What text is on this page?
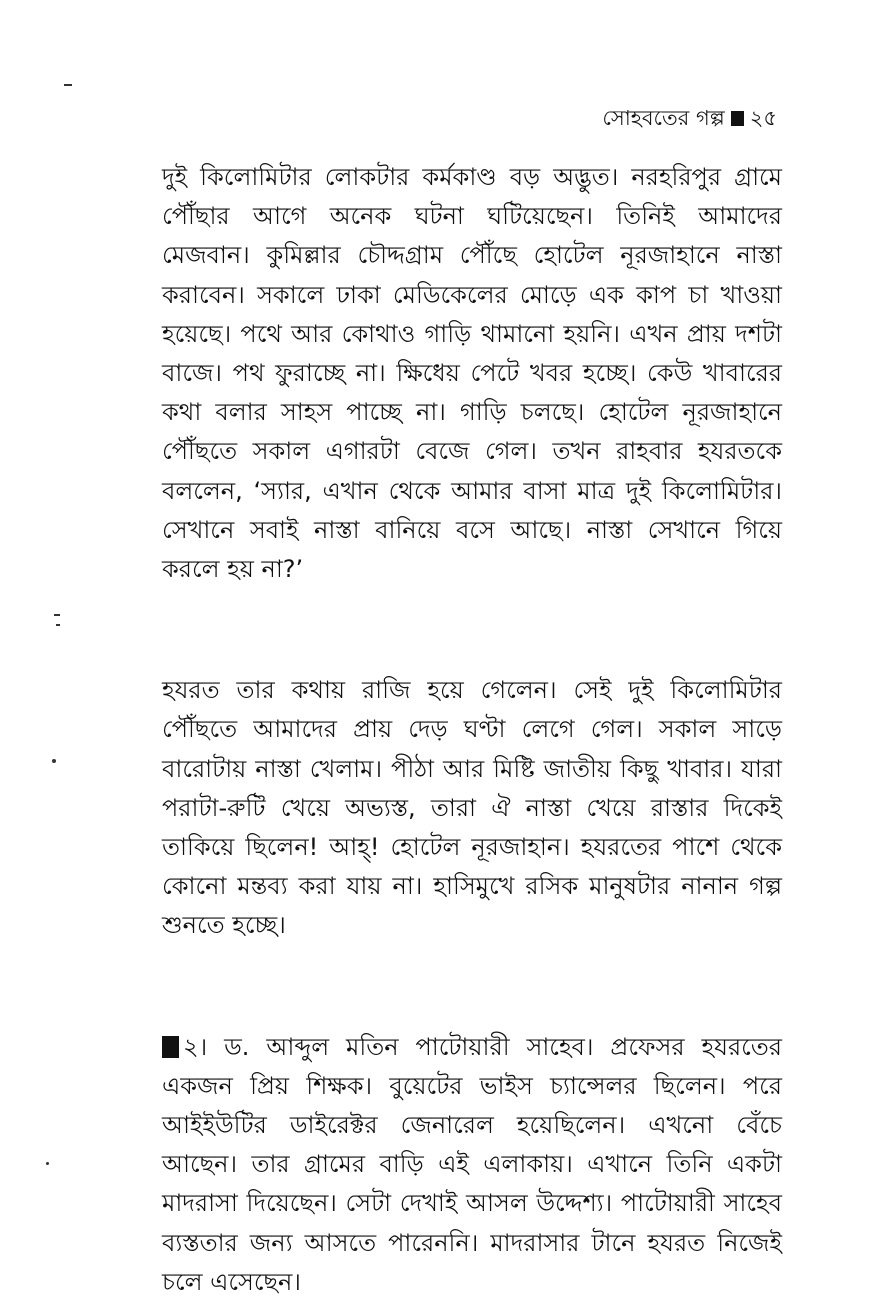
সোহবতের গল্প ২৫

দুই কিলোমিটার লোকটার কর্মকাণ্ড বড় অদ্ভুত। নরহরিপুর গ্রামে পৌঁছার আগে অনেক ঘটনা ঘটিয়েছেন। তিনিই আমাদের মেজবান। কুমিল্লার চৌদ্দগ্রাম পৌঁছে হোটেল নূরজাহানে নাস্তা করাবেন। সকালে ঢাকা মেডিকেলের মোড়ে এক কাপ চা খাওয়া হয়েছে। পথে আর কোথাও গাড়ি থামানো হয়নি। এখন প্রায় দশটা বাজে। পথ ফুরাচ্ছে না। ক্ষিধেয় পেটে খবর হচ্ছে। কেউ খাবারের কথা বলার সাহস পাচ্ছে না। গাড়ি চলছে। হোটেল নূরজাহানে পৌঁছতে সকাল এগারটা বেজে গেল। তখন রাহবার হযরতকে বললেন, ‘স্যার, এখান থেকে আমার বাসা মাত্র দুই কিলোমিটার। সেখানে সবাই নাস্তা বানিয়ে বসে আছে। নাস্তা সেখানে গিয়ে করলে হয় না?’

হযরত তার কথায় রাজি হয়ে গেলেন। সেই দুই কিলোমিটার পৌঁছতে আমাদের প্রায় দেড় ঘণ্টা লেগে গেল। সকাল সাড়ে বারোটায় নাস্তা খেলাম। পীঠা আর মিষ্টি জাতীয় কিছু খাবার। যারা পরাটা-রুটি খেয়ে অভ্যস্ত, তারা ঐ নাস্তা খেয়ে রাস্তার দিকেই তাকিয়ে ছিলেন! আহ্! হোটেল নূরজাহান। হযরতের পাশে থেকে কোনো মন্তব্য করা যায় না। হাসিমুখে রসিক মানুষটার নানান গল্প শুনতে হচ্ছে।

২। ড. আব্দুল মতিন পাটোয়ারী সাহেব। প্রফেসর হযরতের একজন প্রিয় শিক্ষক। বুয়েটের ভাইস চ্যান্সেলর ছিলেন। পরে আইইউটির ডাইরেক্টর জেনারেল হয়েছিলেন। এখনো বেঁচে আছেন। তার গ্রামের বাড়ি এই এলাকায়। এখানে তিনি একটা মাদরাসা দিয়েছেন। সেটা দেখাই আসল উদ্দেশ্য। পাটোয়ারী সাহেব ব্যস্ততার জন্য আসতে পারেননি। মাদরাসার টানে হযরত নিজেই চলে এসেছেন।
